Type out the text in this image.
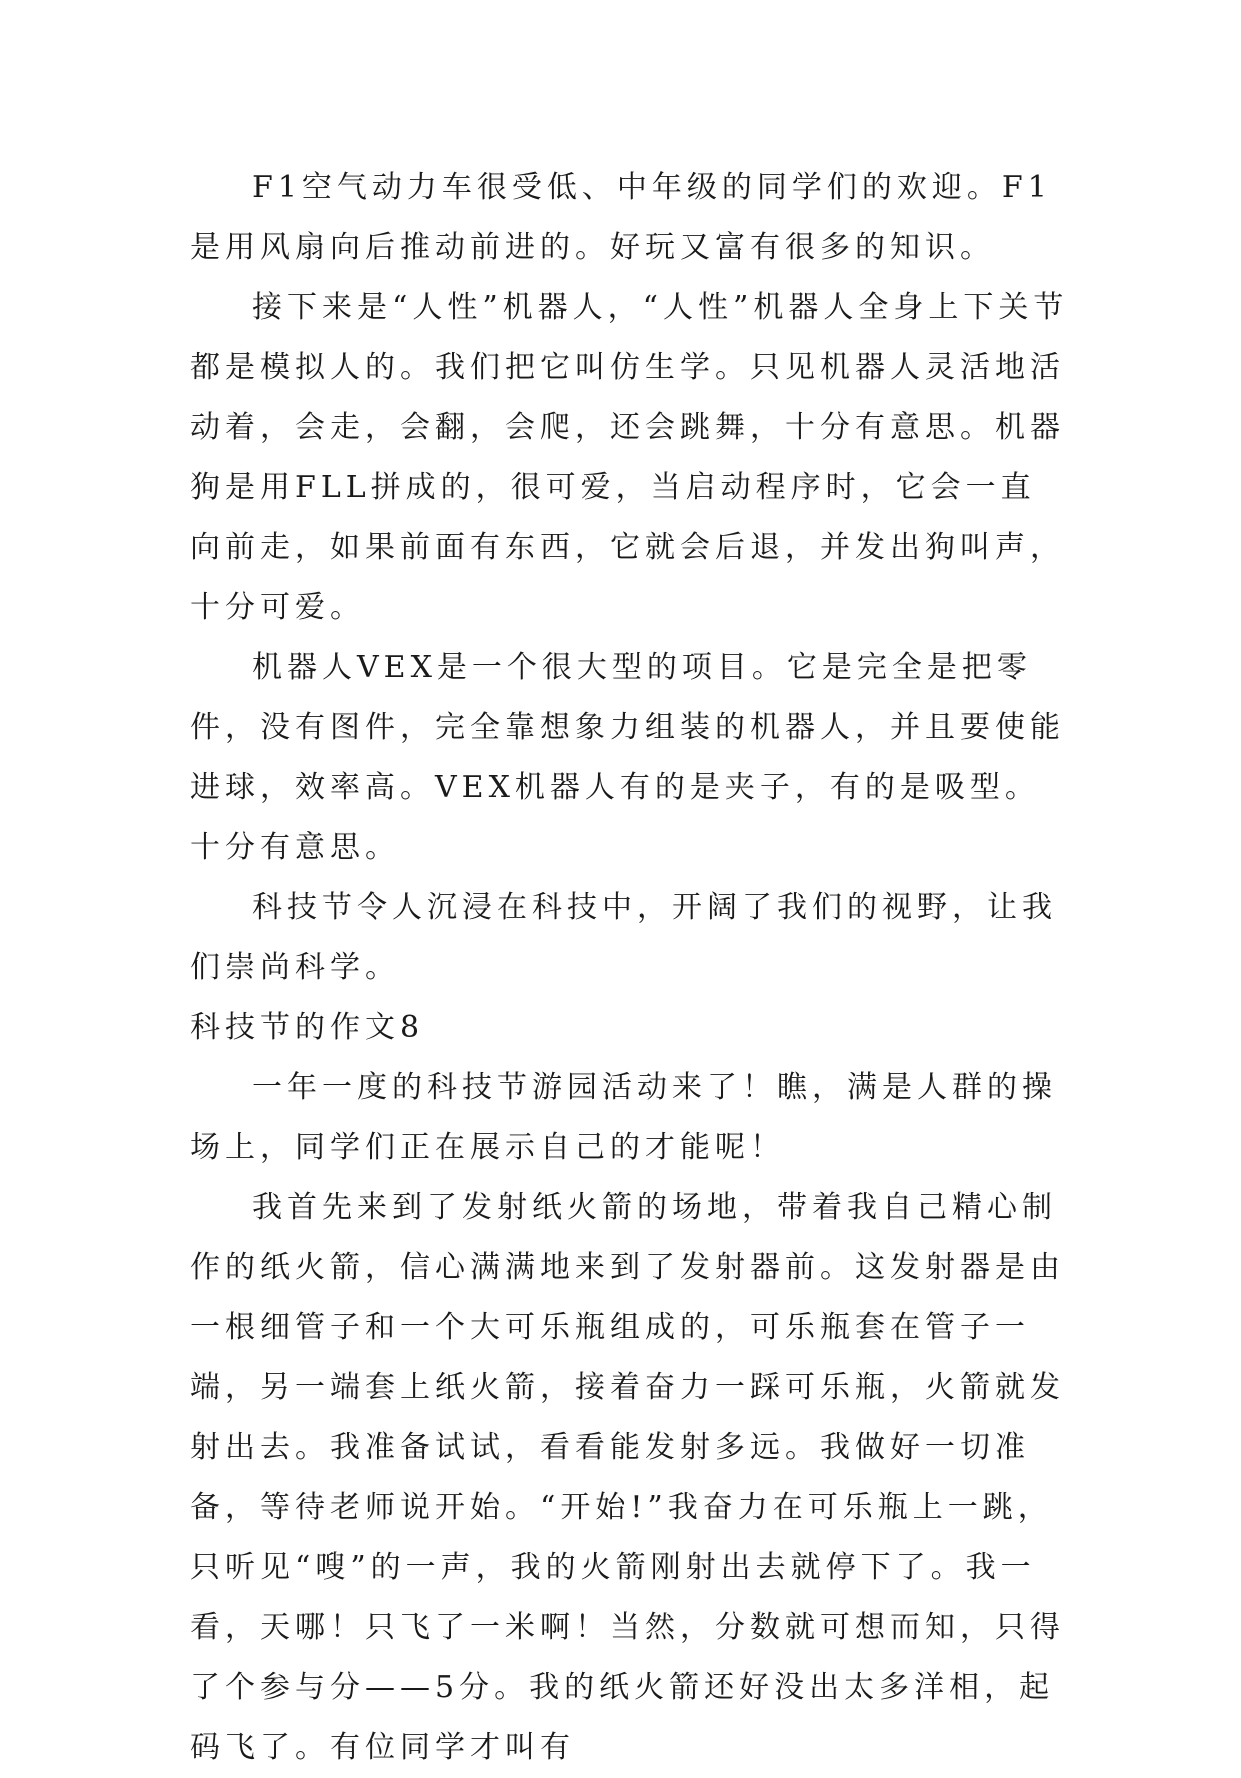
F1空气动力车很受低、中年级的同学们的欢迎。F1是用风扇向后推动前进的。好玩又富有很多的知识。

接下来是“人性”机器人，“人性”机器人全身上下关节都是模拟人的。我们把它叫仿生学。只见机器人灵活地活动着，会走，会翻，会爬，还会跳舞，十分有意思。机器狗是用FLL拼成的，很可爱，当启动程序时，它会一直向前走，如果前面有东西，它就会后退，并发出狗叫声，十分可爱。

机器人VEX是一个很大型的项目。它是完全是把零件，没有图件，完全靠想象力组装的机器人，并且要使能进球，效率高。VEX机器人有的是夹子，有的是吸型。十分有意思。

科技节令人沉浸在科技中，开阔了我们的视野，让我们崇尚科学。

科技节的作文8

一年一度的科技节游园活动来了！瞧，满是人群的操场上，同学们正在展示自己的才能呢！

我首先来到了发射纸火箭的场地，带着我自己精心制作的纸火箭，信心满满地来到了发射器前。这发射器是由一根细管子和一个大可乐瓶组成的，可乐瓶套在管子一端，另一端套上纸火箭，接着奋力一踩可乐瓶，火箭就发射出去。我准备试试，看看能发射多远。我做好一切准备，等待老师说开始。“开始!”我奋力在可乐瓶上一跳，只听见“嗖”的一声，我的火箭刚射出去就停下了。我一看，天哪！只飞了一米啊！当然，分数就可想而知，只得了个参与分——5分。我的纸火箭还好没出太多洋相，起码飞了。有位同学才叫有
